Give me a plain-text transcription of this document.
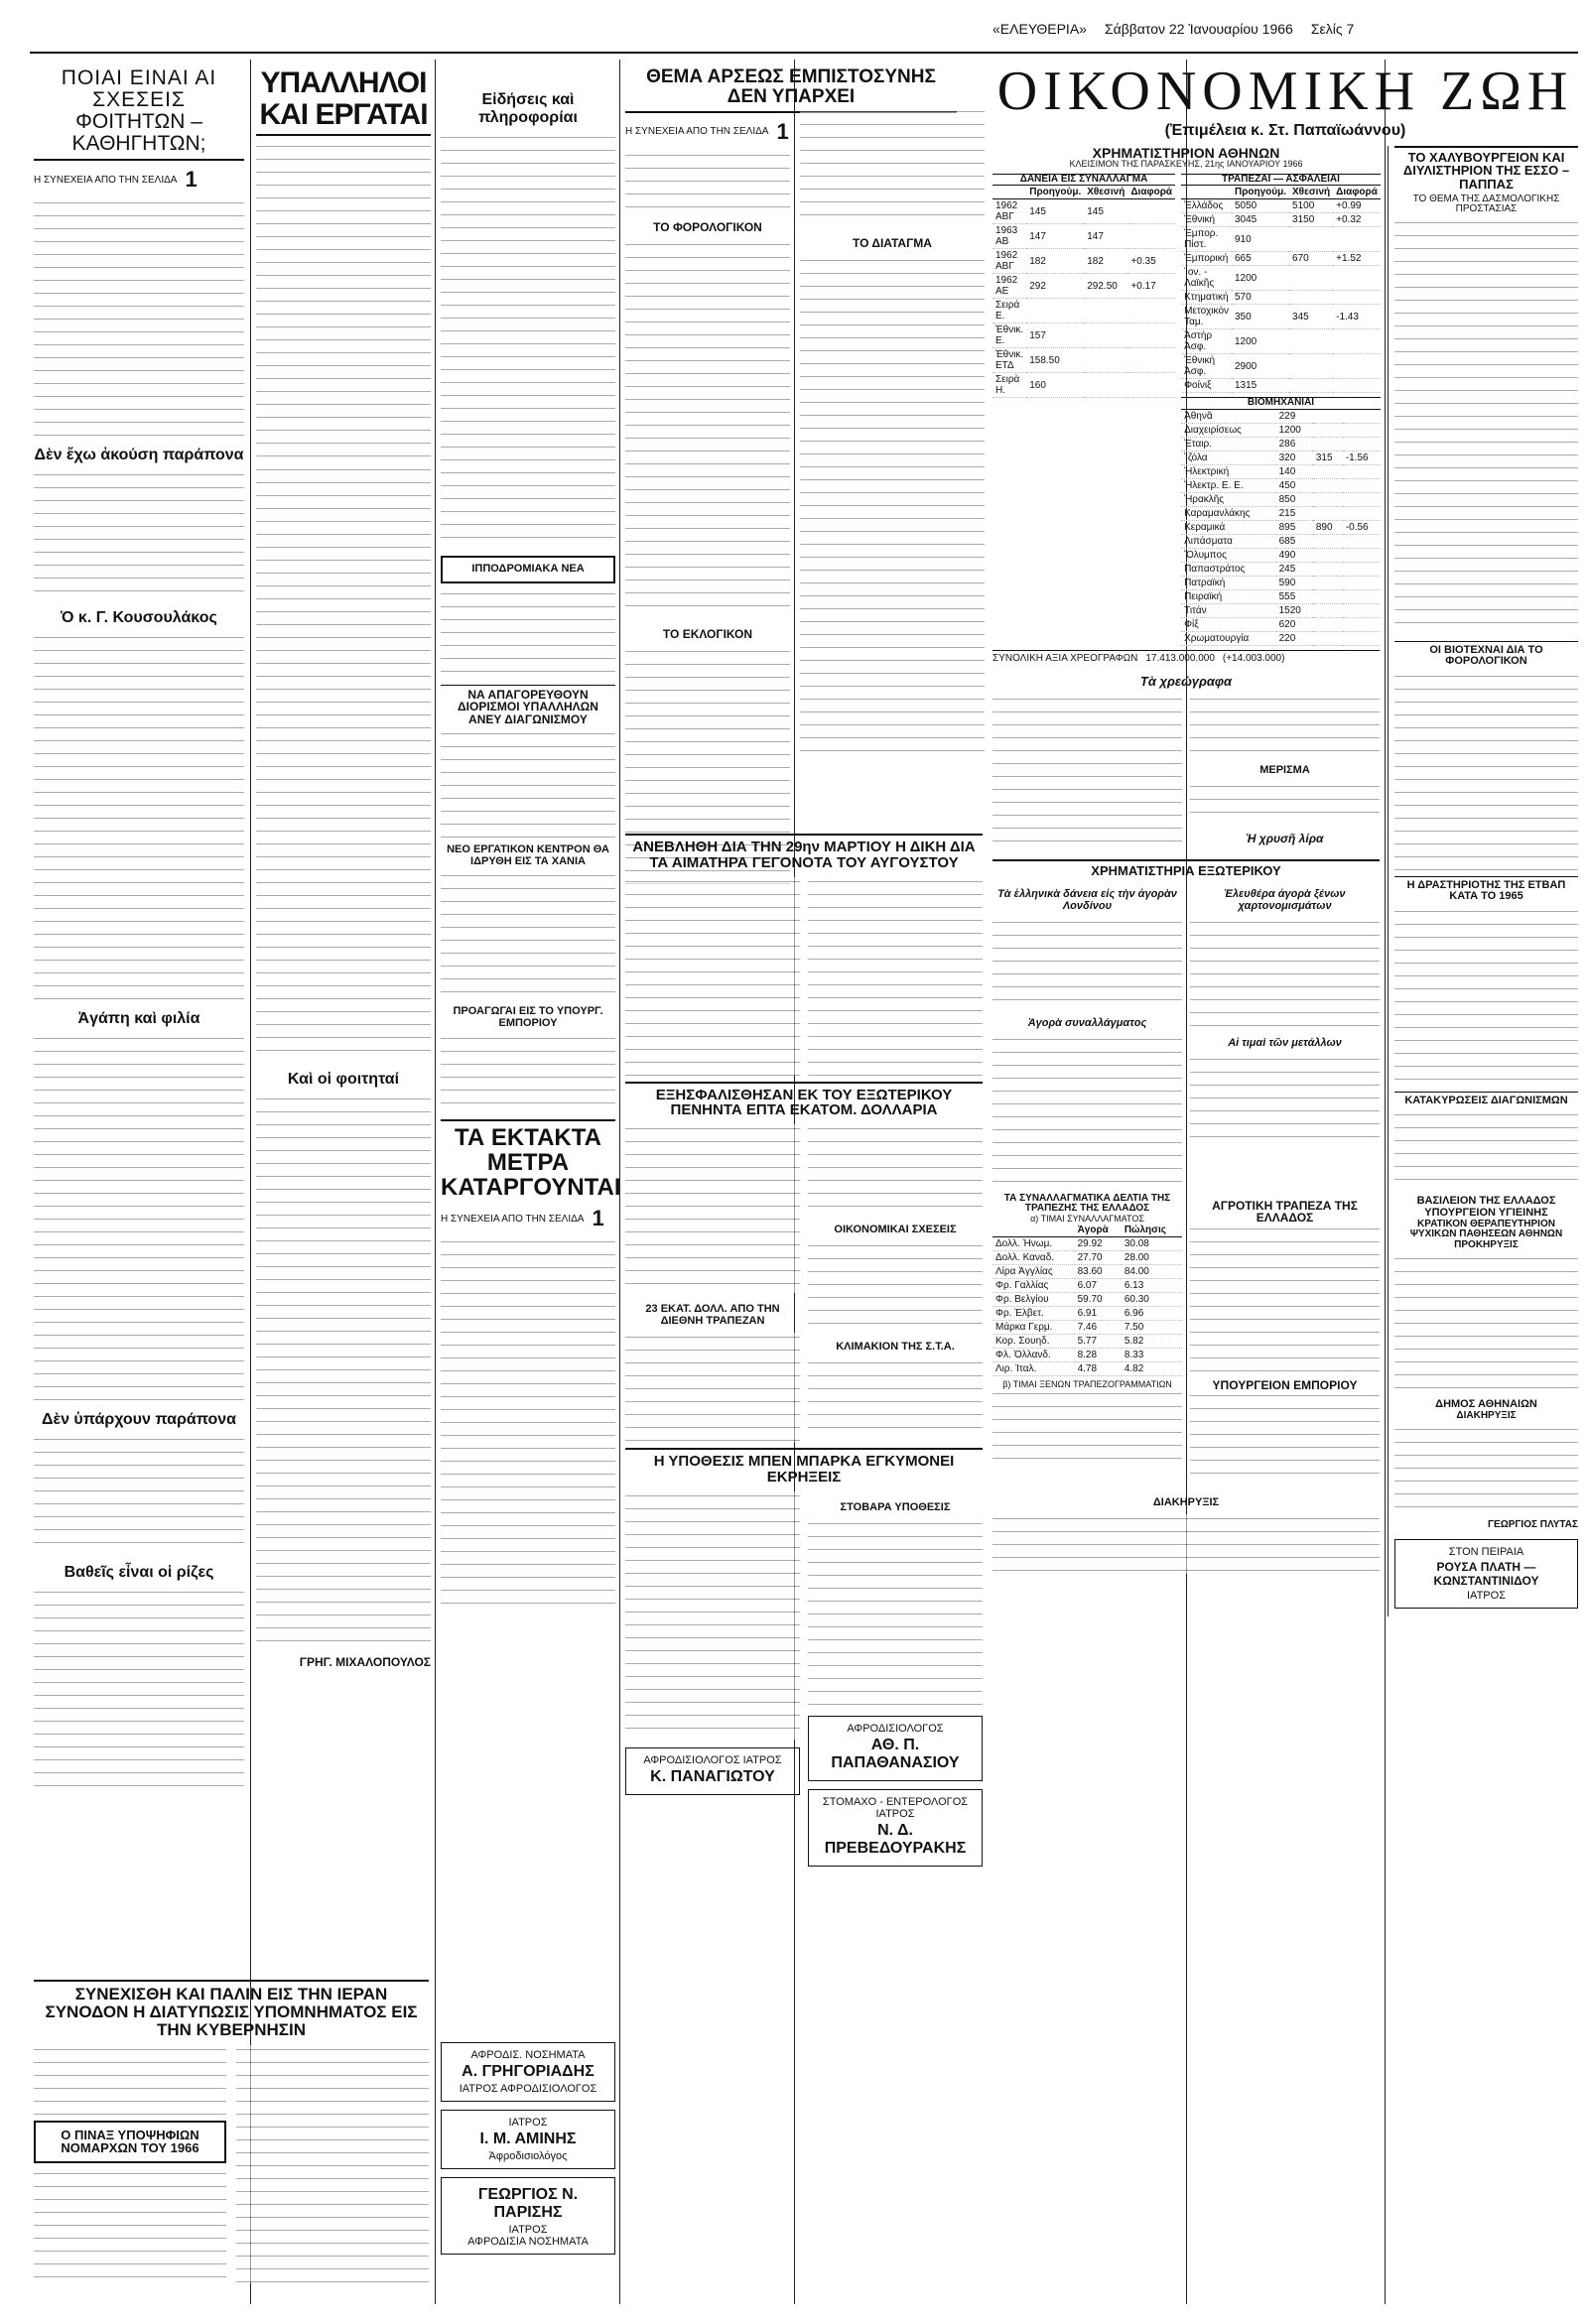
«ΕΛΕΥΘΕΡΙΑ» Σάββατον 22 Ἰανουαρίου 1966 Σελίς 7
ΠΟΙΑΙ ΕΙΝΑΙ ΑΙ ΣΧΕΣΕΙΣ
ΦΟΙΤΗΤΩΝ – ΚΑΘΗΓΗΤΩΝ;
Η ΣΥΝΕΧΕΙΑ ΑΠΟ ΤΗΝ ΣΕΛΙΔΑ 1
Δὲν ἔχω ἀκούση παράπονα
Ὁ κ. Γ. Κουσουλάκος
Ἀγάπη καὶ φιλία
Δὲν ὑπάρχουν παράπονα
Βαθεῖς εἶναι οἱ ρίζες
ΣΥΝΕΧΙΣΘΗ ΚΑΙ ΠΑΛΙΝ ΕΙΣ ΤΗΝ ΙΕΡΑΝ ΣΥΝΟΔΟΝ Η ΔΙΑΤΥΠΩΣΙΣ ΥΠΟΜΝΗΜΑΤΟΣ ΕΙΣ ΤΗΝ ΚΥΒΕΡΝΗΣΙΝ
Ο ΠΙΝΑΞ ΥΠΟΨΗΦΙΩΝ ΝΟΜΑΡΧΩΝ ΤΟΥ 1966
ΥΠΑΛΛΗΛΟΙ ΚΑΙ ΕΡΓΑΤΑΙ
Καὶ οἱ φοιτηταί
ΓΡΗΓ. ΜΙΧΑΛΟΠΟΥΛΟΣ
Εἰδήσεις καὶ πληροφορίαι
ΙΠΠΟΔΡΟΜΙΑΚΑ ΝΕΑ
ΝΑ ΑΠΑΓΟΡΕΥΘΟΥΝ ΔΙΟΡΙΣΜΟΙ ΥΠΑΛΛΗΛΩΝ ΑΝΕΥ ΔΙΑΓΩΝΙΣΜΟΥ
ΝΕΟ ΕΡΓΑΤΙΚΟΝ ΚΕΝΤΡΟΝ ΘΑ ΙΔΡΥΘΗ ΕΙΣ ΤΑ ΧΑΝΙΑ
ΠΡΟΑΓΩΓΑΙ ΕΙΣ ΤΟ ΥΠΟΥΡΓ. ΕΜΠΟΡΙΟΥ
ΤΑ ΕΚΤΑΚΤΑ ΜΕΤΡΑ ΚΑΤΑΡΓΟΥΝΤΑΙ
Η ΣΥΝΕΧΕΙΑ ΑΠΟ ΤΗΝ ΣΕΛΙΔΑ 1
ΑΦΡΟΔΙΣ. ΝΟΣΗΜΑΤΑ
Α. ΓΡΗΓΟΡΙΑΔΗΣ
ΙΑΤΡΟΣ ΑΦΡΟΔΙΣΙΟΛΟΓΟΣ
ΙΑΤΡΟΣ
Ι. Μ. ΑΜΙΝΗΣ
Ἀφροδισιολόγος
ΓΕΩΡΓΙΟΣ Ν. ΠΑΡΙΣΗΣ
ΙΑΤΡΟΣ
ΑΦΡΟΔΙΣΙΑ ΝΟΣΗΜΑΤΑ
ΘΕΜΑ ΑΡΣΕΩΣ ΕΜΠΙΣΤΟΣΥΝΗΣ ΔΕΝ ΥΠΑΡΧΕΙ
Η ΣΥΝΕΧΕΙΑ ΑΠΟ ΤΗΝ ΣΕΛΙΔΑ 1
ΤΟ ΦΟΡΟΛΟΓΙΚΟΝ
ΤΟ ΕΚΛΟΓΙΚΟΝ
ΤΟ ΔΙΑΤΑΓΜΑ
ΑΝΕΒΛΗΘΗ ΔΙΑ ΤΗΝ 29ην ΜΑΡΤΙΟΥ Η ΔΙΚΗ ΔΙΑ ΤΑ ΑΙΜΑΤΗΡΑ ΓΕΓΟΝΟΤΑ ΤΟΥ ΑΥΓΟΥΣΤΟΥ
ΕΞΗΣΦΑΛΙΣΘΗΣΑΝ ΕΚ ΤΟΥ ΕΞΩΤΕΡΙΚΟΥ ΠΕΝΗΝΤΑ ΕΠΤΑ ΕΚΑΤΟΜ. ΔΟΛΛΑΡΙΑ
23 ΕΚΑΤ. ΔΟΛΛ. ΑΠΟ ΤΗΝ ΔΙΕΘΝΗ ΤΡΑΠΕΖΑΝ
ΟΙΚΟΝΟΜΙΚΑΙ ΣΧΕΣΕΙΣ
ΚΛΙΜΑΚΙΟΝ ΤΗΣ Σ.Τ.Α.
Η ΥΠΟΘΕΣΙΣ ΜΠΕΝ ΜΠΑΡΚΑ ΕΓΚΥΜΟΝΕΙ ΕΚΡΗΞΕΙΣ
ΑΦΡΟΔΙΣΙΟΛΟΓΟΣ ΙΑΤΡΟΣ
Κ. ΠΑΝΑΓΙΩΤΟΥ
ΣΤΟΒΑΡΑ ΥΠΟΘΕΣΙΣ
ΑΦΡΟΔΙΣΙΟΛΟΓΟΣ
ΑΘ. Π. ΠΑΠΑΘΑΝΑΣΙΟΥ
ΣΤΟΜΑΧΟ - ΕΝΤΕΡΟΛΟΓΟΣ ΙΑΤΡΟΣ
Ν. Δ. ΠΡΕΒΕΔΟΥΡΑΚΗΣ
ΟΙΚΟΝΟΜΙΚΗ ΖΩΗ
(Ἐπιμέλεια κ. Στ. Παπαϊωάννου)
ΧΡΗΜΑΤΙΣΤΗΡΙΟΝ ΑΘΗΝΩΝ
ΚΛΕΙΣΙΜΟΝ ΤΗΣ ΠΑΡΑΣΚΕΥΗΣ, 21ης ΙΑΝΟΥΑΡΙΟΥ 1966
ΔΑΝΕΙΑ ΕΙΣ ΣΥΝΑΛΛΑΓΜΑ
	Προηγούμ.	Χθεσινή	Διαφορά
1962 ΑΒΓ	145	145	
1963 ΑΒ	147	147	
1962 ΑΒΓ	182	182	+0.35
1962 ΑΕ	292	292.50	+0.17
Σειρά Ε.			
Ἐθνικ. Ε.	157		
Ἐθνικ. ΕΤΔ	158.50		
Σειρὰ Η.	160		
ΤΡΑΠΕΖΑΙ — ΑΣΦΑΛΕΙΑΙ
	Προηγούμ.	Χθεσινή	Διαφορά
Ἑλλάδος	5050	5100	+0.99
Ἐθνική	3045	3150	+0.32
Ἐμπορ. Πίστ.	910		
Ἐμπορική	665	670	+1.52
Ἰον. - Λαϊκῆς	1200		
Κτηματική	570		
Μετοχικὸν Ταμ.	350	345	-1.43
Ἀστὴρ Ἀσφ.	1200		
Ἐθνικὴ Ἀσφ.	2900		
Φοίνιξ	1315		
ΒΙΟΜΗΧΑΝΙΑΙ
Ἀθηνᾶ	229		
Διαχειρίσεως	1200		
Ἐταιρ.	286		
Ἰζόλα	320	315	-1.56
Ἠλεκτρική	140		
Ἠλεκτρ. Ε. Ε.	450		
Ἡρακλῆς	850		
Καραμανλάκης	215		
Κεραμικά	895	890	-0.56
Λιπάσματα	685		
Ὄλυμπος	490		
Παπαστράτος	245		
Πατραϊκή	590		
Πειραϊκή	555		
Τιτάν	1520		
Φίξ	620		
Χρωματουργία	220		
ΣΥΝΟΛΙΚΗ ΑΞΙΑ ΧΡΕΟΓΡΑΦΩΝ 17.413.000.000 (+14.003.000)
Τὰ χρεώγραφα
ΜΕΡΙΣΜΑ
Ἡ χρυσῆ λίρα
ΧΡΗΜΑΤΙΣΤΗΡΙΑ ΕΞΩΤΕΡΙΚΟΥ
Τὰ ἑλληνικὰ δάνεια εἰς τὴν ἀγορὰν Λονδίνου
Ἀγορὰ συναλλάγματος
Ἐλευθέρα ἀγορὰ ξένων χαρτονομισμάτων
Αἱ τιμαὶ τῶν μετάλλων
ΤΑ ΣΥΝΑΛΛΑΓΜΑΤΙΚΑ ΔΕΛΤΙΑ ΤΗΣ ΤΡΑΠΕΖΗΣ ΤΗΣ ΕΛΛΑΔΟΣ
α) ΤΙΜΑΙ ΣΥΝΑΛΛΑΓΜΑΤΟΣ
	Ἀγορὰ	Πώλησις
Δολλ. Ἡνωμ.	29.92	30.08
Δολλ. Καναδ.	27.70	28.00
Λίρα Ἀγγλίας	83.60	84.00
Φρ. Γαλλίας	6.07	6.13
Φρ. Βελγίου	59.70	60.30
Φρ. Ἑλβετ.	6.91	6.96
Μάρκα Γερμ.	7.46	7.50
Κορ. Σουηδ.	5.77	5.82
Φλ. Ὀλλανδ.	8.28	8.33
Λιρ. Ἰταλ.	4.78	4.82
β) ΤΙΜΑΙ ΞΕΝΩΝ ΤΡΑΠΕΖΟΓΡΑΜΜΑΤΙΩΝ
ΑΓΡΟΤΙΚΗ ΤΡΑΠΕΖΑ ΤΗΣ ΕΛΛΑΔΟΣ
ΥΠΟΥΡΓΕΙΟΝ ΕΜΠΟΡΙΟΥ
ΔΙΑΚΗΡΥΞΙΣ
ΤΟ ΧΑΛΥΒΟΥΡΓΕΙΟΝ ΚΑΙ ΔΙΥΛΙΣΤΗΡΙΟΝ ΤΗΣ ΕΣΣΟ – ΠΑΠΠΑΣ
ΤΟ ΘΕΜΑ ΤΗΣ ΔΑΣΜΟΛΟΓΙΚΗΣ ΠΡΟΣΤΑΣΙΑΣ
ΟΙ ΒΙΟΤΕΧΝΑΙ ΔΙΑ ΤΟ ΦΟΡΟΛΟΓΙΚΟΝ
Η ΔΡΑΣΤΗΡΙΟΤΗΣ ΤΗΣ ΕΤΒΑΠ ΚΑΤΑ ΤΟ 1965
ΚΑΤΑΚΥΡΩΣΕΙΣ ΔΙΑΓΩΝΙΣΜΩΝ
ΒΑΣΙΛΕΙΟΝ ΤΗΣ ΕΛΛΑΔΟΣ
ΥΠΟΥΡΓΕΙΟΝ ΥΓΙΕΙΝΗΣ
ΚΡΑΤΙΚΟΝ ΘΕΡΑΠΕΥΤΗΡΙΟΝ ΨΥΧΙΚΩΝ ΠΑΘΗΣΕΩΝ ΑΘΗΝΩΝ
ΠΡΟΚΗΡΥΞΙΣ
ΔΗΜΟΣ ΑΘΗΝΑΙΩΝ
ΔΙΑΚΗΡΥΞΙΣ
ΓΕΩΡΓΙΟΣ ΠΛΥΤΑΣ
ΣΤΟΝ ΠΕΙΡΑΙΑ
ΡΟΥΣΑ ΠΛΑΤΗ — ΚΩΝΣΤΑΝΤΙΝΙΔΟΥ
ΙΑΤΡΟΣ
